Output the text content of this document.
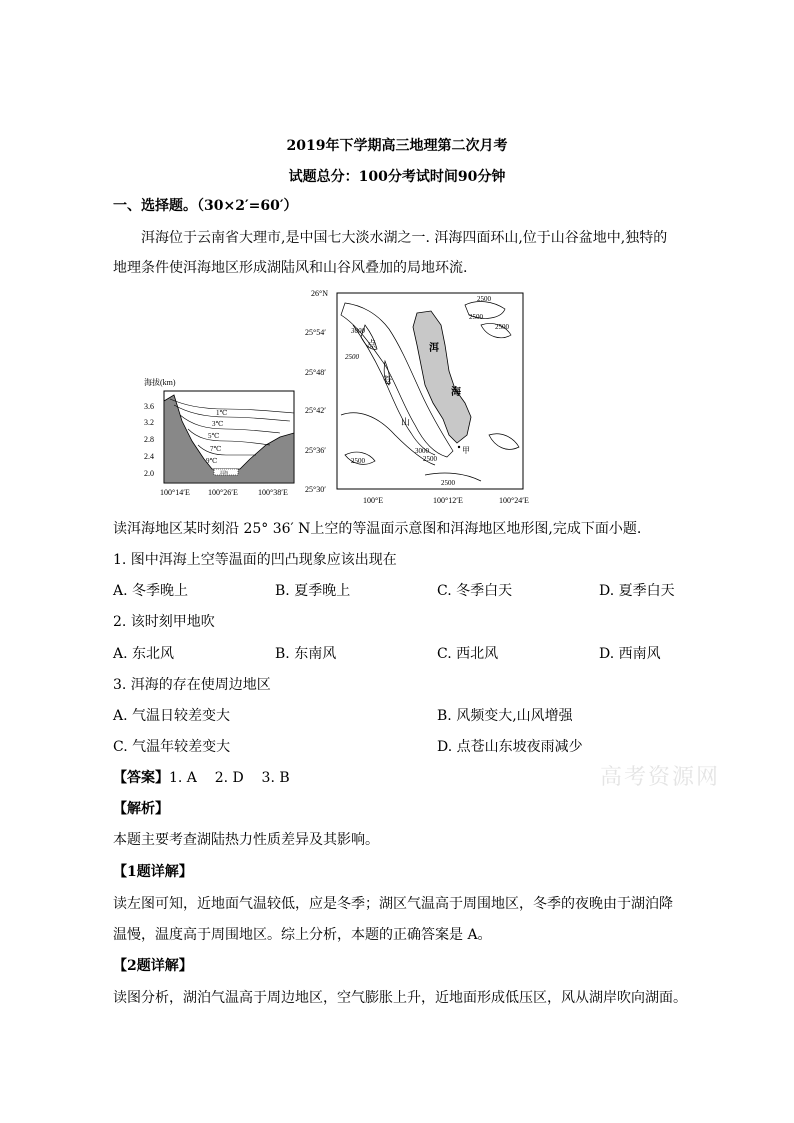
2019年下学期高三地理第二次月考
试题总分：100分考试时间90分钟
一、选择题。（30×2′=60′）
洱海位于云南省大理市,是中国七大淡水湖之一. 洱海四面环山,位于山谷盆地中,独特的
地理条件使洱海地区形成湖陆风和山谷风叠加的局地环流.
海拔(km)
洱海
1℃
3℃
5℃
7℃
9℃
3.6
3.2
2.8
2.4
2.0
100°14′E 100°26′E	100°38′E
洱
海
点
苍
山
甲
2500
2500
2500
3000
2500
3000
2500
2500
2500
26°N
25°54′
25°48′
25°42′
25°36′
25°30′
100°E	100°12′E	100°24′E
读洱海地区某时刻沿 25° 36′ N上空的等温面示意图和洱海地区地形图,完成下面小题.
1. 图中洱海上空等温面的凹凸现象应该出现在
A. 冬季晚上	B. 夏季晚上	C. 冬季白天	D. 夏季白天
2. 该时刻甲地吹
A. 东北风	B. 东南风	C. 西北风	D. 西南风
3. 洱海的存在使周边地区
A. 气温日较差变大	B. 风频变大,山风增强
C. 气温年较差变大	D. 点苍山东坡夜雨减少
【答案】1. A    2. D    3. B	高考资源网
【解析】
本题主要考查湖陆热力性质差异及其影响。
【1题详解】
读左图可知，近地面气温较低，应是冬季；湖区气温高于周围地区，冬季的夜晚由于湖泊降
温慢，温度高于周围地区。综上分析，本题的正确答案是 A。
【2题详解】
读图分析，湖泊气温高于周边地区，空气膨胀上升，近地面形成低压区，风从湖岸吹向湖面。
